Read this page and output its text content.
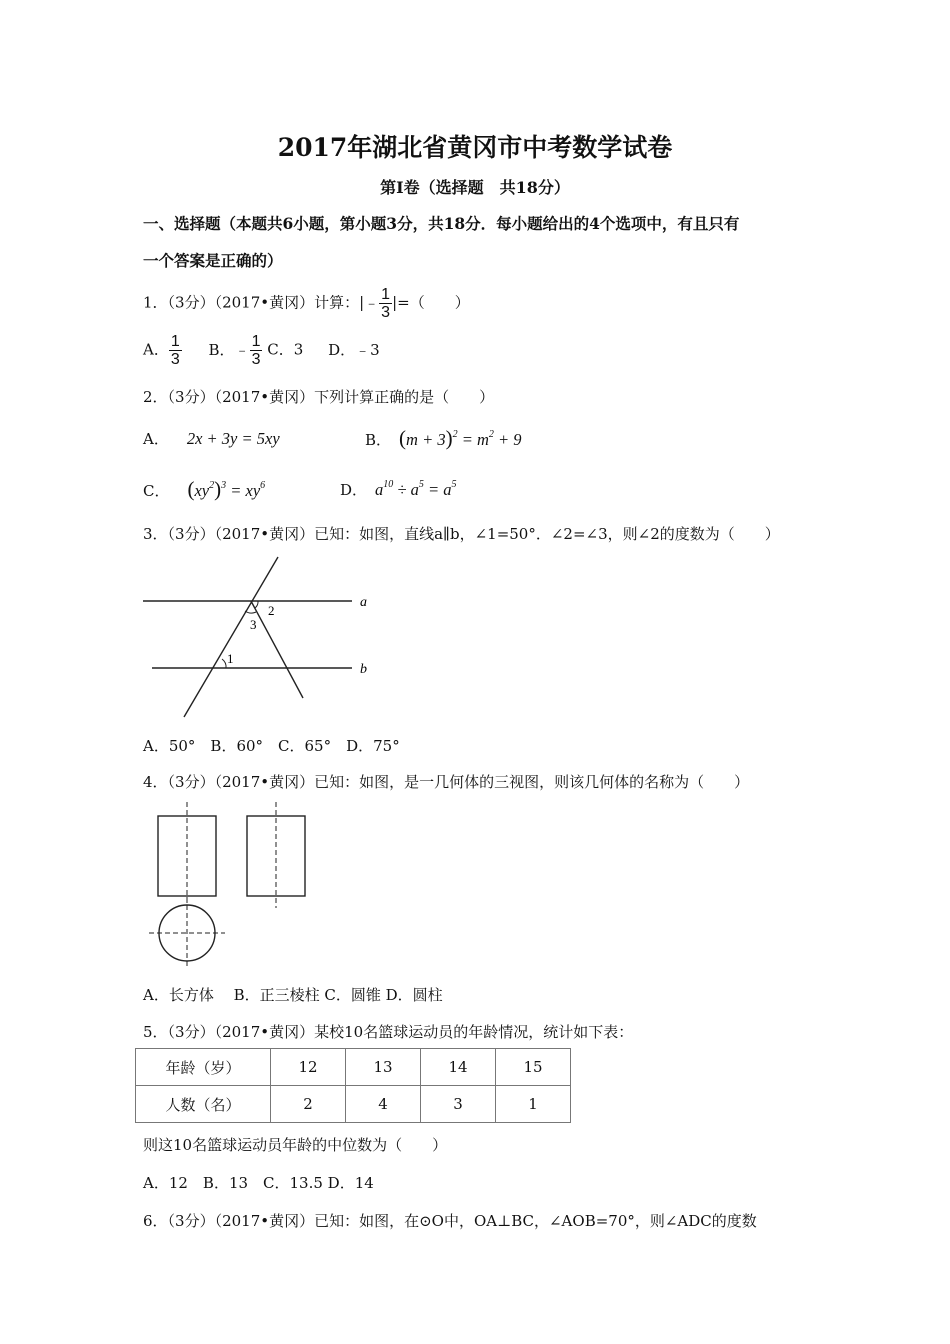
2017年湖北省黄冈市中考数学试卷
第I卷（选择题　共18分）
一、选择题（本题共6小题，第小题3分，共18分．每小题给出的4个选项中，有且只有
一个答案是正确的）
1．（3分）（2017•黄冈）计算：|﹣ $\frac{1}{3}$ |=（　　）
A． $\frac{1}{3}$ B．﹣ $\frac{1}{3}$ C．3 D．﹣3
2．（3分）（2017•黄冈）下列计算正确的是（　　）
A． 2x + 3y = 5xy	B． $(m + 3)^2 = m^2 + 9$
C． $(xy^2)^3 = xy^6$	D． $a^{10} \div a^5 = a^5$
3．（3分）（2017•黄冈）已知：如图，直线a∥b，∠1=50°．∠2=∠3，则∠2的度数为（　　）
a
b
1
2
3
A．50°　B．60°　C．65°　D．75°
4．（3分）（2017•黄冈）已知：如图，是一几何体的三视图，则该几何体的名称为（　　）
A．长方体　 B．正三棱柱 C．圆锥 D．圆柱
5．（3分）（2017•黄冈）某校10名篮球运动员的年龄情况，统计如下表：
年龄（岁）	12	13	14	15
人数（名）	2	4	3	1
则这10名篮球运动员年龄的中位数为（　　）
A．12　B．13　C．13.5 D．14
6．（3分）（2017•黄冈）已知：如图，在⊙O中，OA⊥BC，∠AOB=70°，则∠ADC的度数
